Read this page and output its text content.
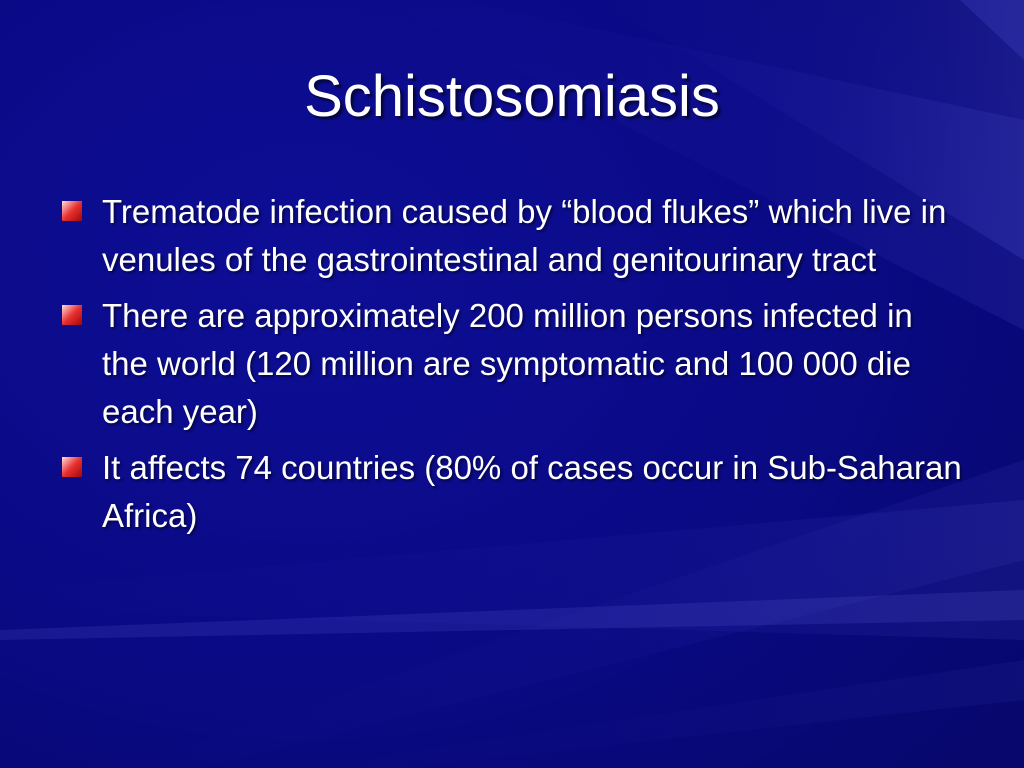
Schistosomiasis
Trematode infection caused by “blood flukes” which live in venules of the gastrointestinal and genitourinary tract
There are approximately 200 million persons infected in the world (120 million are symptomatic and 100 000 die each year)
It affects 74 countries (80% of cases occur in Sub-Saharan Africa)
